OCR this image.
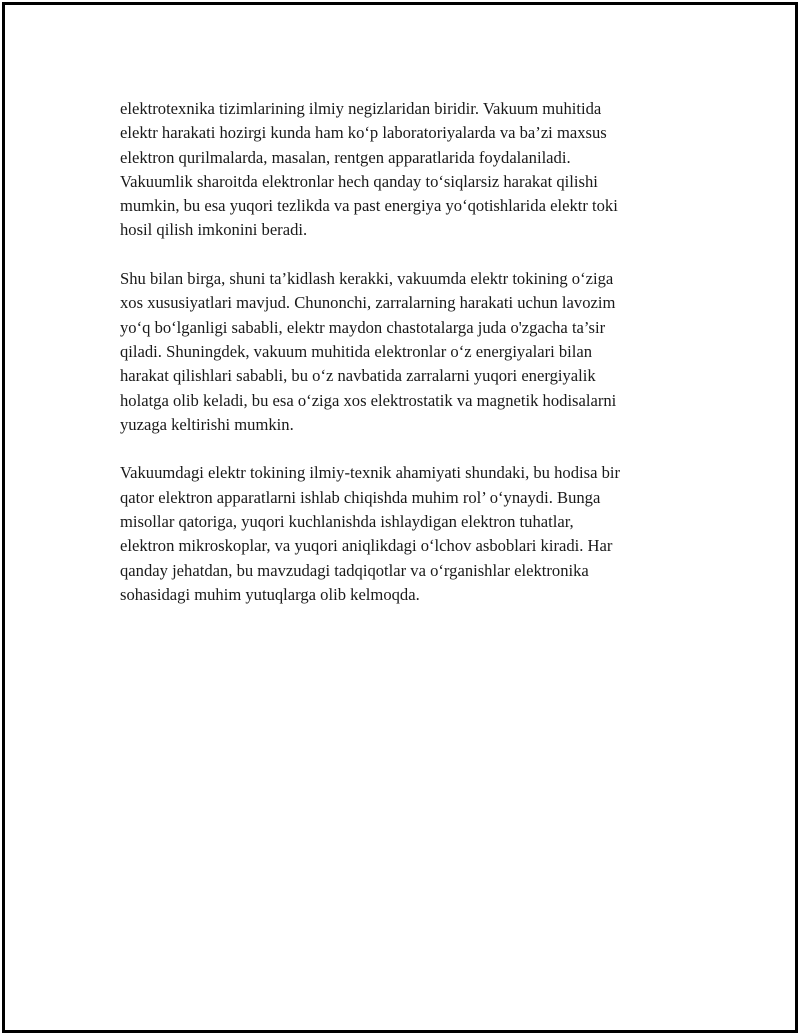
elektrotexnika tizimlarining ilmiy negizlaridan biridir. Vakuum muhitida
elektr harakati hozirgi kunda ham ko‘p laboratoriyalarda va ba’zi maxsus
elektron qurilmalarda, masalan, rentgen apparatlarida foydalaniladi.
Vakuumlik sharoitda elektronlar hech qanday to‘siqlarsiz harakat qilishi
mumkin, bu esa yuqori tezlikda va past energiya yo‘qotishlarida elektr toki
hosil qilish imkonini beradi.

Shu bilan birga, shuni ta’kidlash kerakki, vakuumda elektr tokining o‘ziga
xos xususiyatlari mavjud. Chunonchi, zarralarning harakati uchun lavozim
yo‘q bo‘lganligi sababli, elektr maydon chastotalarga juda o'zgacha ta’sir
qiladi. Shuningdek, vakuum muhitida elektronlar o‘z energiyalari bilan
harakat qilishlari sababli, bu o‘z navbatida zarralarni yuqori energiyalik
holatga olib keladi, bu esa o‘ziga xos elektrostatik va magnetik hodisalarni
yuzaga keltirishi mumkin.

Vakuumdagi elektr tokining ilmiy-texnik ahamiyati shundaki, bu hodisa bir
qator elektron apparatlarni ishlab chiqishda muhim rol’ o‘ynaydi. Bunga
misollar qatoriga, yuqori kuchlanishda ishlaydigan elektron tuhatlar,
elektron mikroskoplar, va yuqori aniqlikdagi o‘lchov asboblari kiradi. Har
qanday jehatdan, bu mavzudagi tadqiqotlar va o‘rganishlar elektronika
sohasidagi muhim yutuqlarga olib kelmoqda.
